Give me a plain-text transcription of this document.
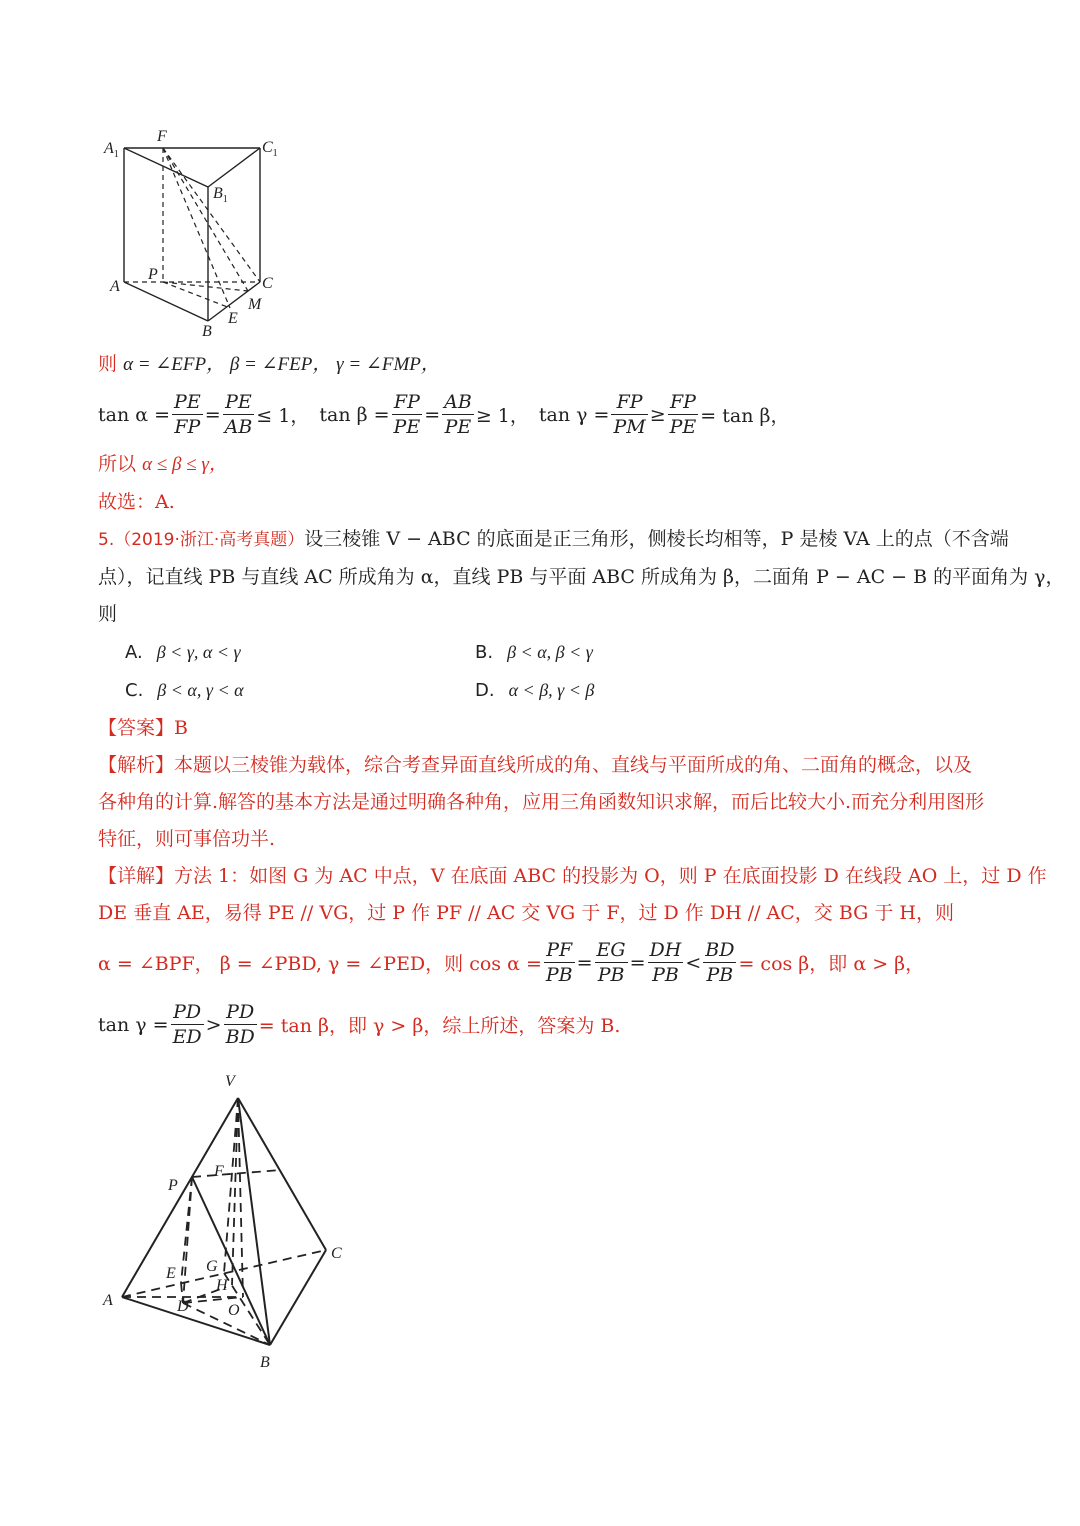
$A_1$
F
$C_1$
$B_1$
P
A	C
M
E
B
则 α = ∠EFP， β = ∠FEP， γ = ∠FMP，
$\tan \alpha = \frac{PE}{FP} = \frac{PE}{AB} \le 1$， $\tan \beta = \frac{FP}{PE} = \frac{AB}{PE} \ge 1$， $\tan \gamma = \frac{FP}{PM} \ge \frac{FP}{PE} = \tan \beta$，
所以 α ≤ β ≤ γ，
故选：A.
5.（2019·浙江·高考真题）设三棱锥 V − ABC 的底面是正三角形，侧棱长均相等，P 是棱 VA 上的点（不含端
点），记直线 PB 与直线 AC 所成角为 α，直线 PB 与平面 ABC 所成角为 β，二面角 P − AC − B 的平面角为 γ，
则
A. β < γ, α < γ	B. β < α, β < γ
C. β < α, γ < α	D. α < β, γ < β
【答案】B
【解析】本题以三棱锥为载体，综合考查异面直线所成的角、直线与平面所成的角、二面角的概念，以及
各种角的计算.解答的基本方法是通过明确各种角，应用三角函数知识求解，而后比较大小.而充分利用图形
特征，则可事倍功半.
【详解】方法 1：如图 G 为 AC 中点，V 在底面 ABC 的投影为 O，则 P 在底面投影 D 在线段 AO 上，过 D 作
DE 垂直 AE，易得 PE // VG，过 P 作 PF // AC 交 VG 于 F，过 D 作 DH // AC，交 BG 于 H，则
α = ∠BPF， β = ∠PBD, γ = ∠PED，则 $\cos \alpha = \frac{PF}{PB} = \frac{EG}{PB} = \frac{DH}{PB} < \frac{BD}{PB} = \cos \beta$，即 α > β，
$\tan \gamma = \frac{PD}{ED} > \frac{PD}{BD} = \tan \beta$，即 γ > β，综上所述，答案为 B.
V
F
P
C
E G
H
A	D O
B
